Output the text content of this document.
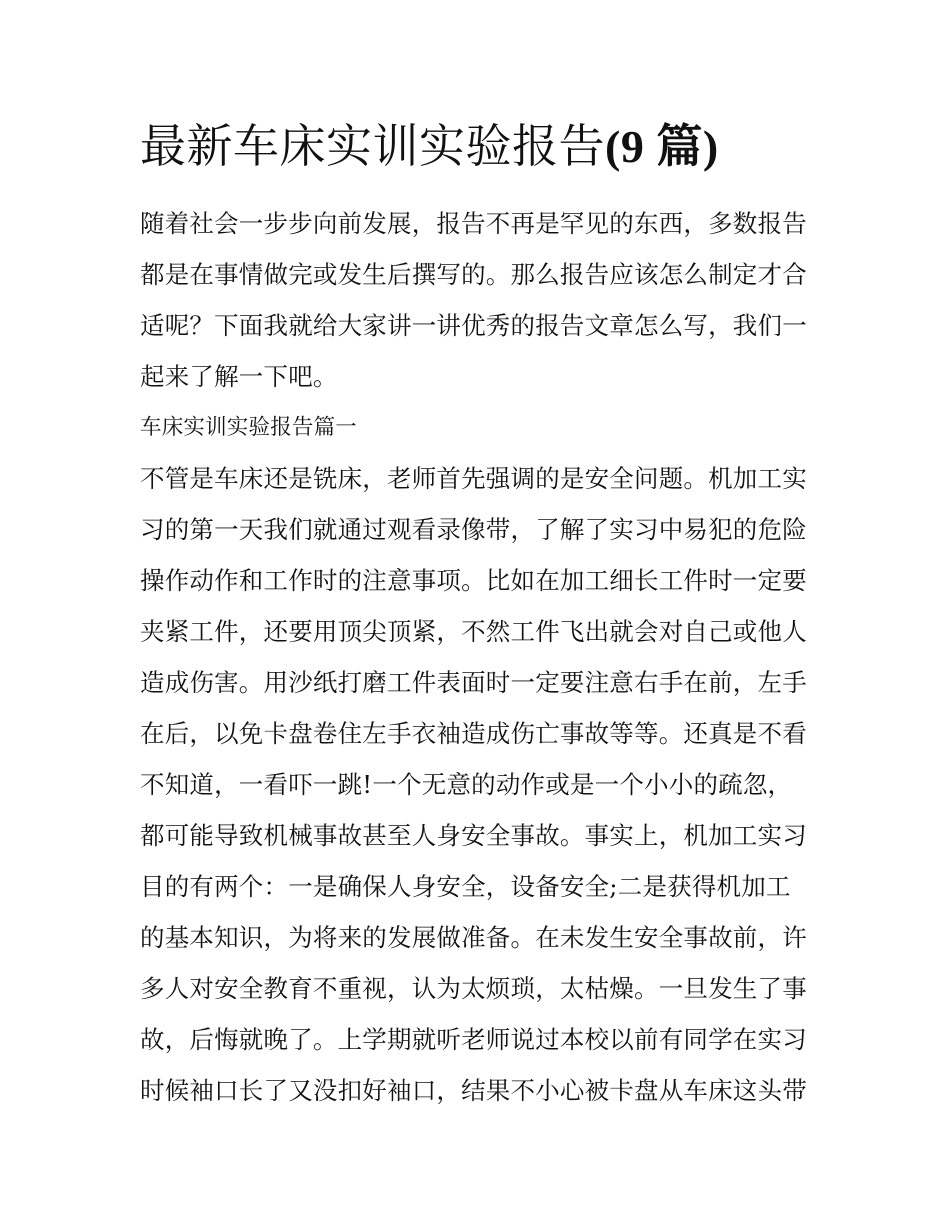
最新车床实训实验报告(9 篇)
随着社会一步步向前发展，报告不再是罕见的东西，多数报告
都是在事情做完或发生后撰写的。那么报告应该怎么制定才合
适呢？下面我就给大家讲一讲优秀的报告文章怎么写，我们一
起来了解一下吧。
车床实训实验报告篇一
不管是车床还是铣床，老师首先强调的是安全问题。机加工实
习的第一天我们就通过观看录像带，了解了实习中易犯的危险
操作动作和工作时的注意事项。比如在加工细长工件时一定要
夹紧工件，还要用顶尖顶紧，不然工件飞出就会对自己或他人
造成伤害。用沙纸打磨工件表面时一定要注意右手在前，左手
在后，以免卡盘卷住左手衣袖造成伤亡事故等等。还真是不看
不知道，一看吓一跳!一个无意的动作或是一个小小的疏忽，
都可能导致机械事故甚至人身安全事故。事实上，机加工实习
目的有两个：一是确保人身安全，设备安全;二是获得机加工
的基本知识，为将来的发展做准备。在未发生安全事故前，许
多人对安全教育不重视，认为太烦琐，太枯燥。一旦发生了事
故，后悔就晚了。上学期就听老师说过本校以前有同学在实习
时候袖口长了又没扣好袖口，结果不小心被卡盘从车床这头带
